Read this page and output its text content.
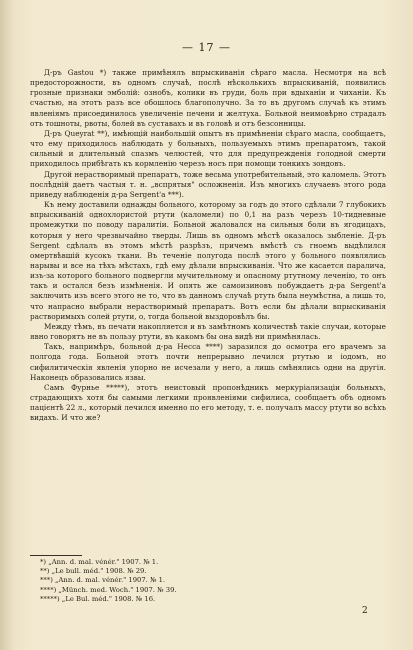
— 17 —

Д-ръ Gastou *) также примѣнялъ впрыскиванія сѣраго масла. Несмотря на всѣ предосторожности, въ одномъ случаѣ, послѣ нѣсколькихъ впрыскиваній, появились грозные признаки эмболій: ознобъ, колики въ груди, боль при вдыханіи и чиханіи. Къ счастью, на этотъ разъ все обошлось благополучно. За то въ другомъ случаѣ къ этимъ явленіямъ присоединилось увеличеніе печени и желтуха. Больной неимовѣрно страдалъ отъ тошноты, рвоты, болей въ суставахъ и въ головѣ и отъ безсонницы.

Д-ръ Queyrat **), имѣющій наибольшій опытъ въ примѣненіи сѣраго масла, сообщаетъ, что ему приходилось наблюдать у больныхъ, пользуемыхъ этимъ препаратомъ, такой сильный и длительный спазмъ челюстей, что для предупрежденія голодной смерти приходилось прибѣгать къ кормленію черезъ носъ при помощи тонкихъ зондовъ.

Другой нерастворимый препаратъ, тоже весьма употребительный, это каломель. Этотъ послѣдній даетъ частыя т. н. „вспрятыя" осложненія. Изъ многихъ случаевъ этого рода приведу наблюденія д-ра Sergent'a ***).

Къ нему доставили однажды больного, которому за годъ до этого сдѣлали 7 глубокихъ впрыскиваній однохлористой ртути (каломели) по 0,1 на разъ черезъ 10-тидневные промежутки по поводу паралитіи. Больной жаловался на сильныя боли въ ягодицахъ, которыя у него чрезвычайно тверды. Лишь въ одномъ мѣстѣ оказалось зыбленіе. Д-ръ Sergent сдѣлалъ въ этомъ мѣстѣ разрѣзъ, причемъ вмѣстѣ съ гноемъ выдѣлился омертвѣвшій кусокъ ткани. Въ теченіе полугода послѣ этого у больного появлялись нарывы и все на тѣхъ мѣстахъ, гдѣ ему дѣлали впрыскиванія. Что же касается паралича, изъ-за которого больного подвергли мучительному и опасному ртутному леченію, то онъ такъ и остался безъ измѣненія. И опять же самоизиновъ побуждаетъ д-ра Sergent'a заключить изъ всего этого не то, что въ данномъ случаѣ ртуть была неумѣстна, а лишь то, что напрасно выбрали нерастворимый препаратъ. Вотъ если бы дѣлали впрыскиванія растворимыхъ солей ртути, о, тогда больной выздоровѣлъ бы.

Между тѣмъ, въ печати накопляется и въ замѣтномъ количествѣ такіе случаи, которые явно говорятъ не въ пользу ртути, въ какомъ бы она видѣ ни примѣнялась.

Такъ, напримѣръ, больной д-ра Hесса ****) заразился до осмотра его врачемъ за полгода года. Больной этотъ почти непрерывно лечился ртутью и іодомъ, но сифилитическія явленія упорно не исчезали у него, а лишь смѣнялись одни на другія. Наконецъ образовались язвы.

Самъ Фурнье *****), этотъ неистовый пропонѣдникъ меркуріализаціи больныхъ, страдающихъ хотя бы самыми легкими проявленіями сифилиса, сообщаетъ объ одномъ пацієнтѣ 22 л., который лечился именно по его методу, т. е. получалъ массу ртути во всѣхъ видахъ. И что же?

*) „Ann. d. mal. vénér." 1907. № 1.
**) „Le bull. méd." 1908. № 29.
***) „Ann. d. mal. vénér." 1907. № 1.
****) „Münch. med. Woch." 1907. № 39.
*****) „Le Bul. méd." 1908. № 16.
2
